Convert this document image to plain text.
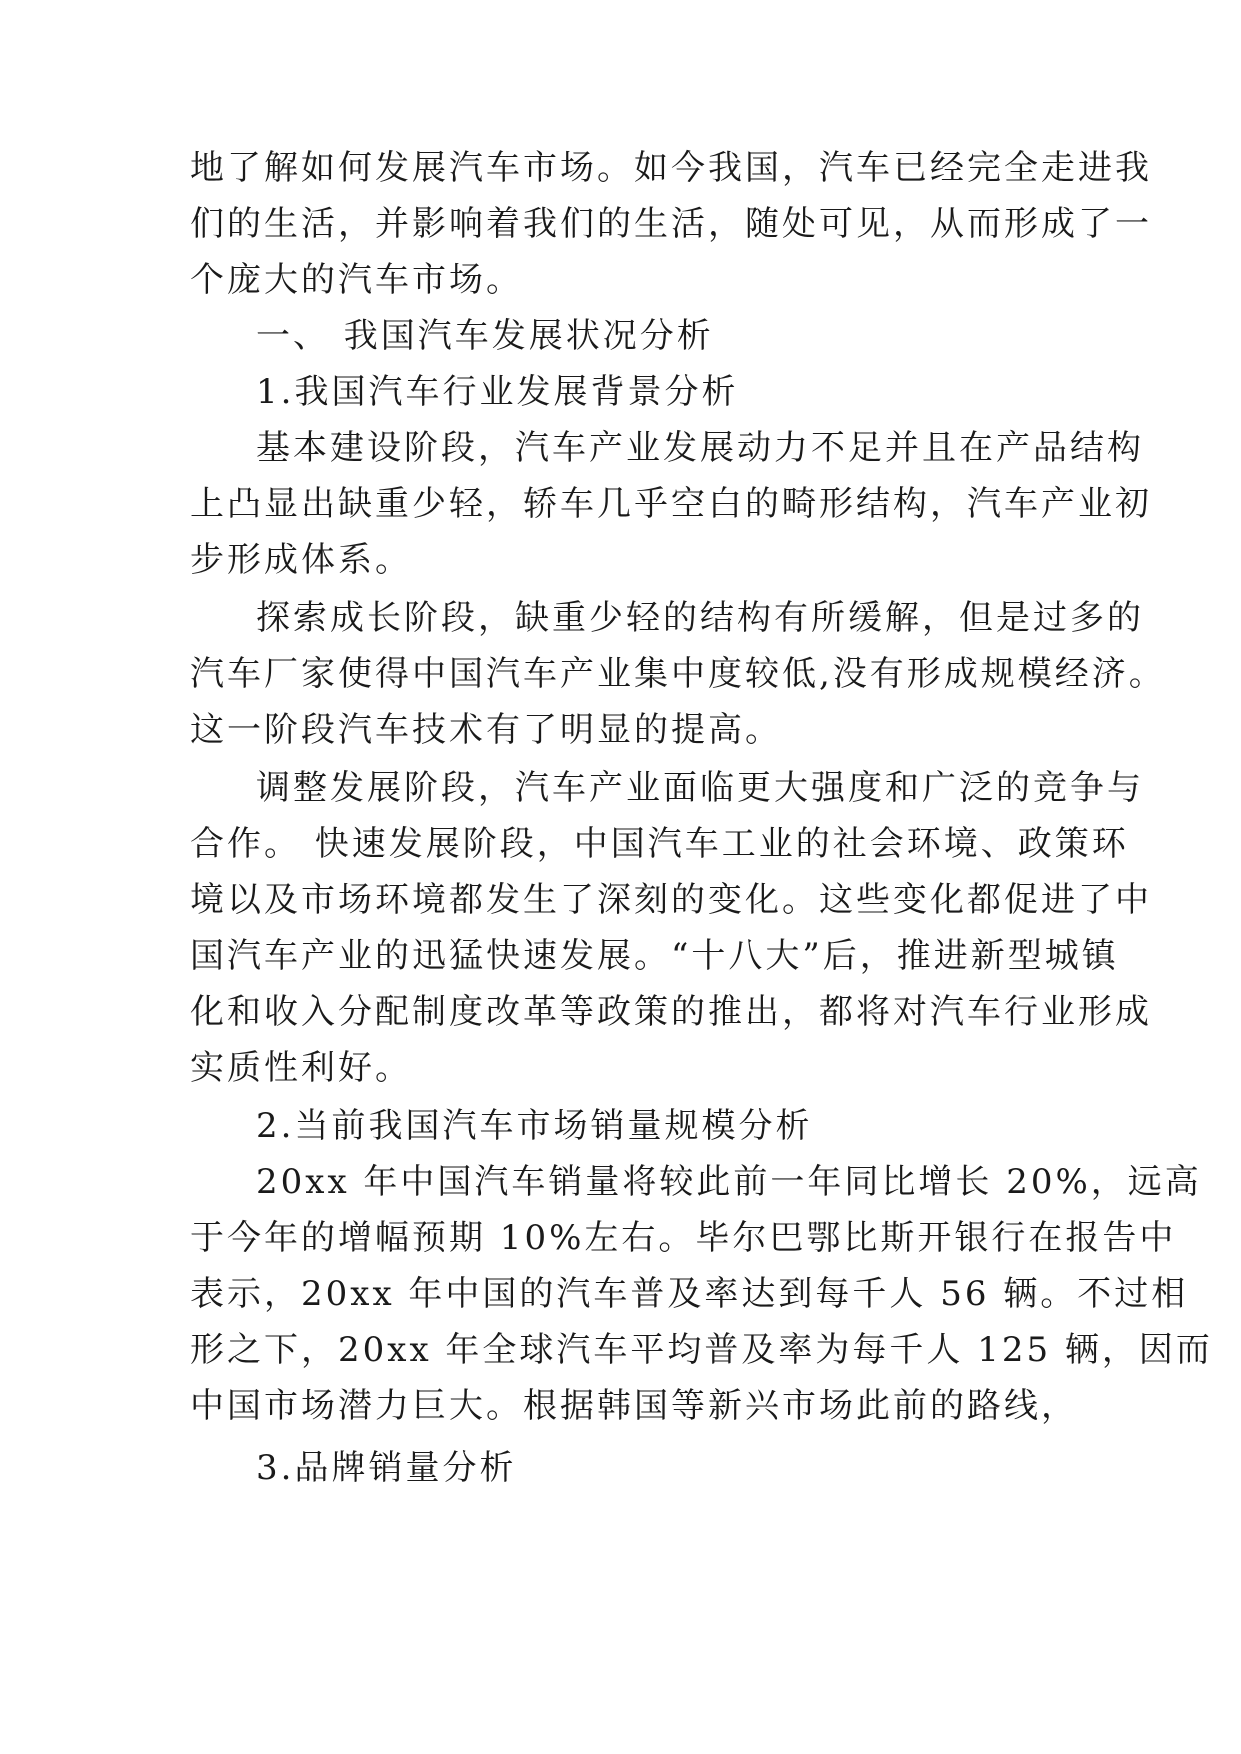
地了解如何发展汽车市场。如今我国，汽车已经完全走进我
们的生活，并影响着我们的生活，随处可见，从而形成了一
个庞大的汽车市场。
一、 我国汽车发展状况分析
1.我国汽车行业发展背景分析
基本建设阶段，汽车产业发展动力不足并且在产品结构
上凸显出缺重少轻，轿车几乎空白的畸形结构，汽车产业初
步形成体系。
探索成长阶段，缺重少轻的结构有所缓解，但是过多的
汽车厂家使得中国汽车产业集中度较低,没有形成规模经济。
这一阶段汽车技术有了明显的提高。
调整发展阶段，汽车产业面临更大强度和广泛的竞争与
合作。 快速发展阶段，中国汽车工业的社会环境、政策环
境以及市场环境都发生了深刻的变化。这些变化都促进了中
国汽车产业的迅猛快速发展。“十八大”后，推进新型城镇
化和收入分配制度改革等政策的推出，都将对汽车行业形成
实质性利好。
2.当前我国汽车市场销量规模分析
20xx 年中国汽车销量将较此前一年同比增长 20%，远高
于今年的增幅预期 10%左右。毕尔巴鄂比斯开银行在报告中
表示，20xx 年中国的汽车普及率达到每千人 56 辆。不过相
形之下，20xx 年全球汽车平均普及率为每千人 125 辆，因而
中国市场潜力巨大。根据韩国等新兴市场此前的路线，
3.品牌销量分析
